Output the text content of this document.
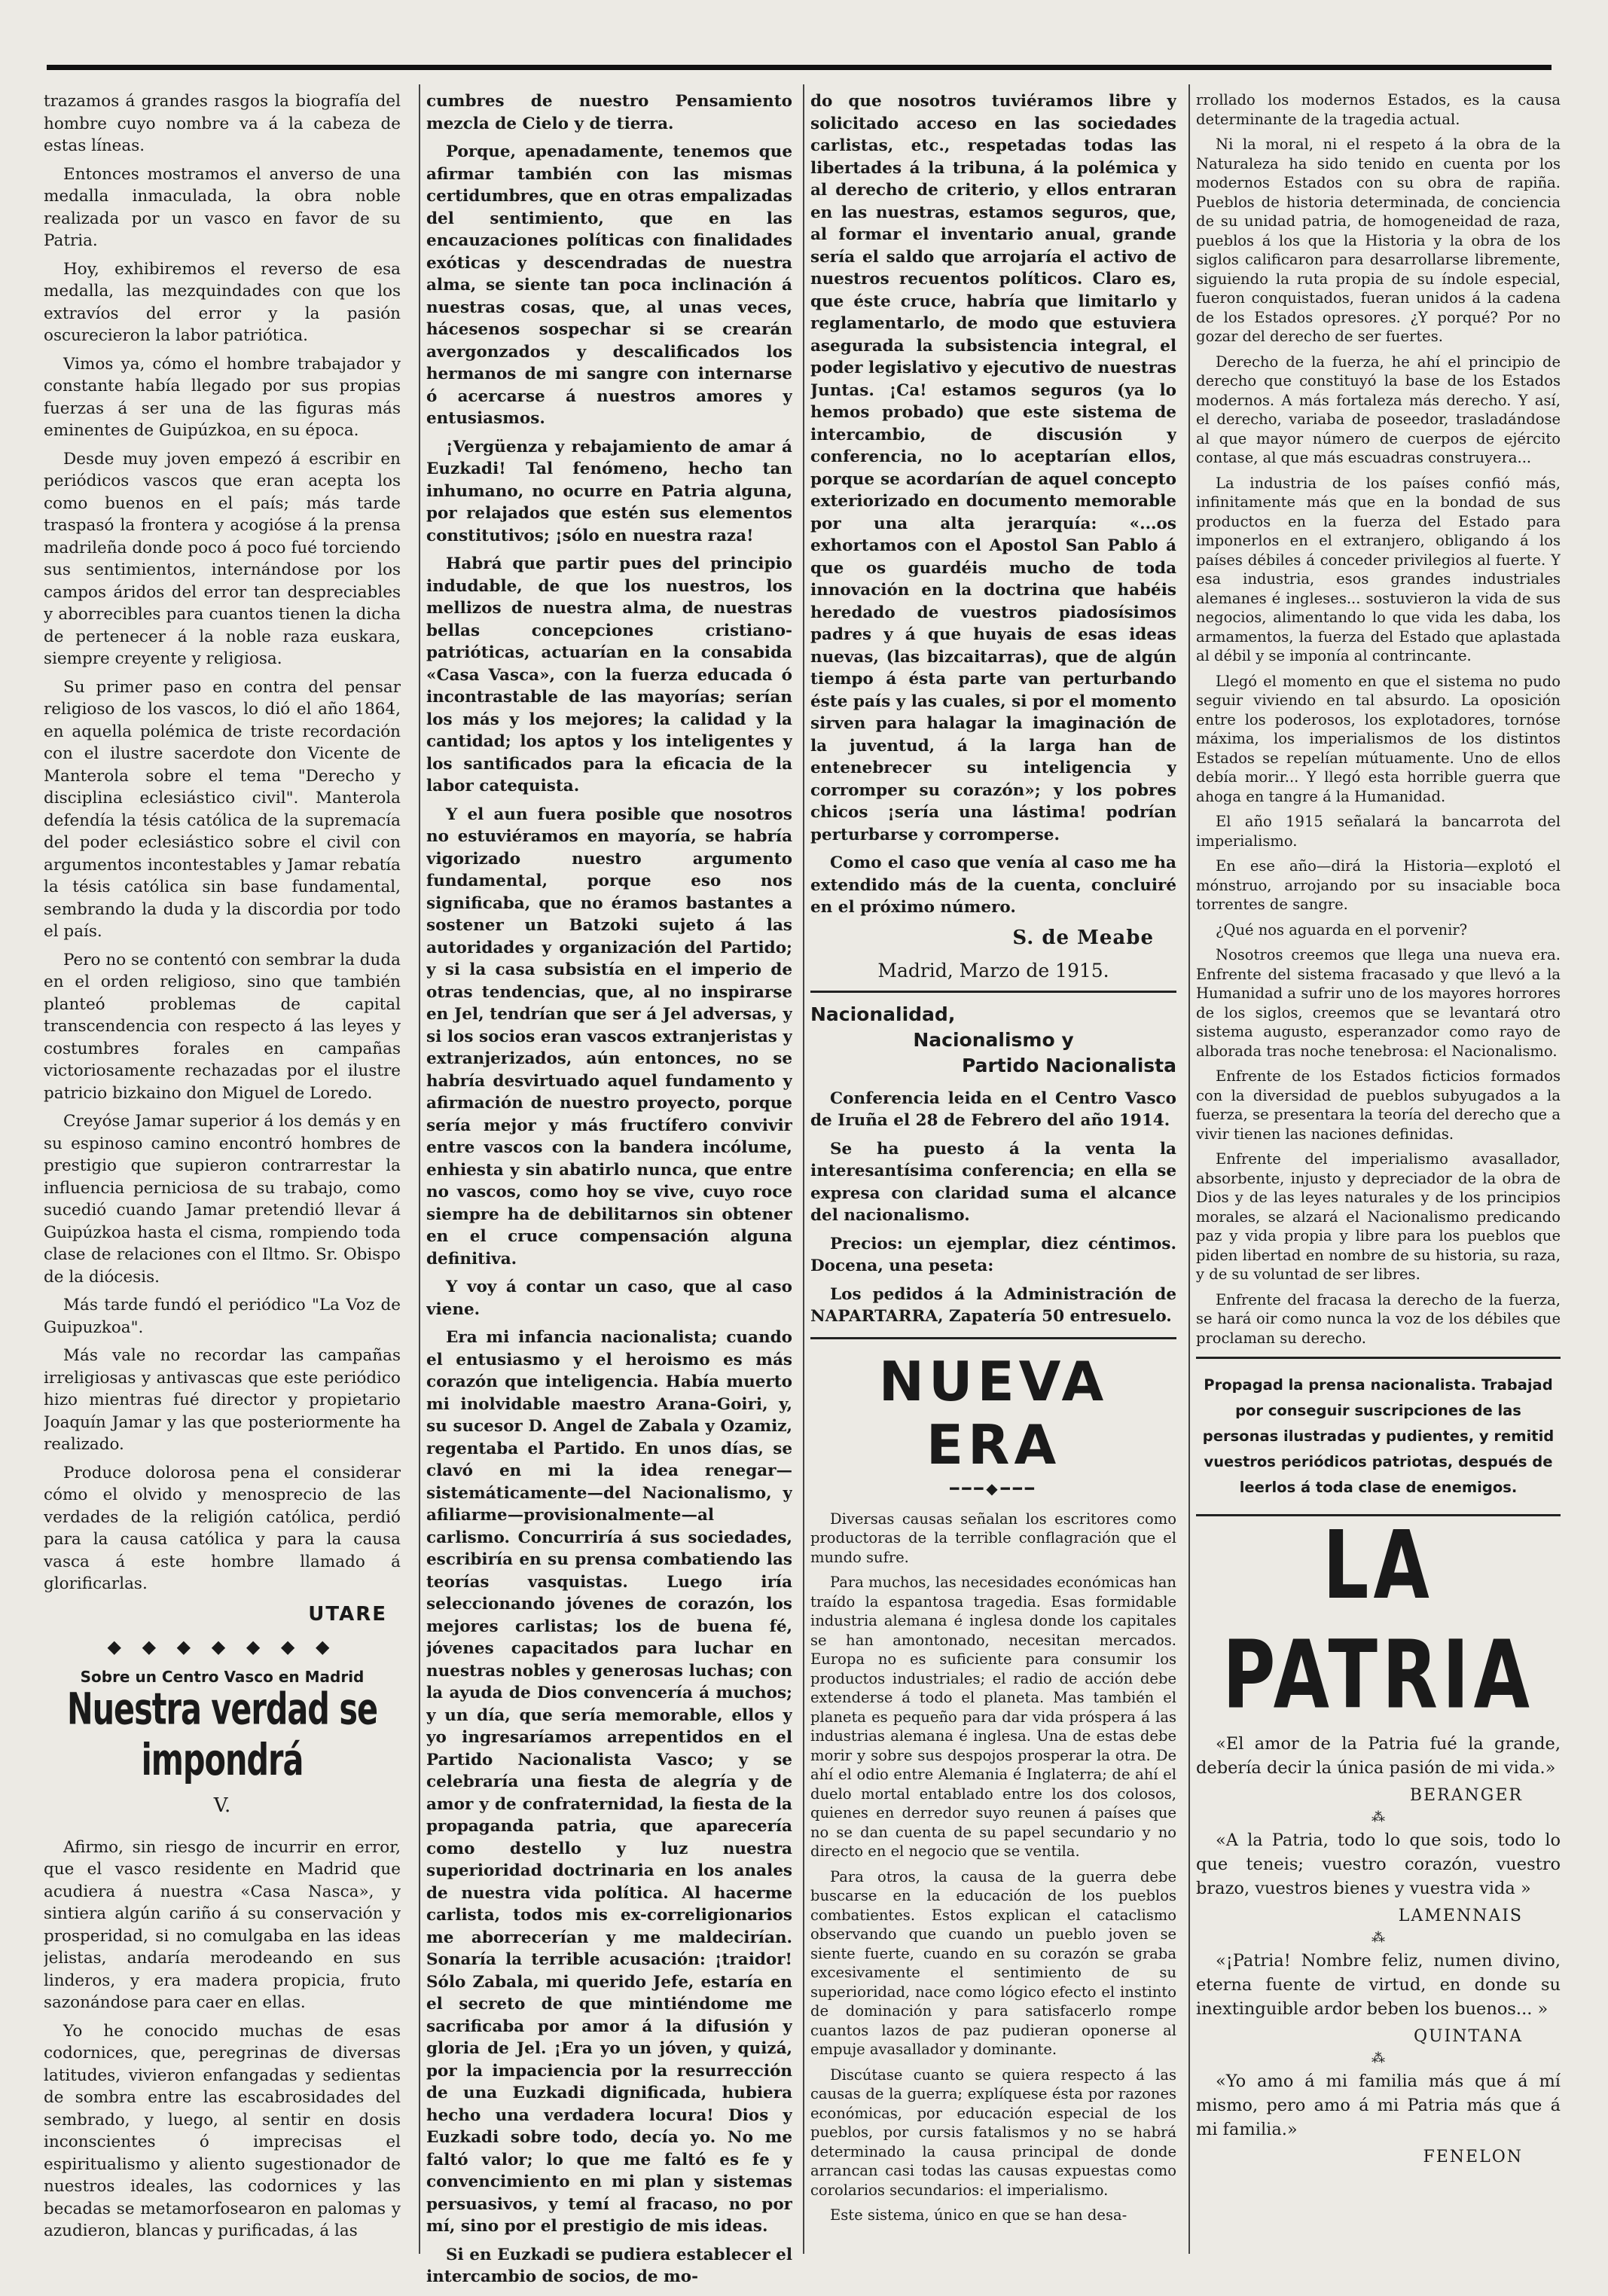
trazamos á grandes rasgos la biografía del hombre cuyo nombre va á la cabeza de estas líneas.

Entonces mostramos el anverso de una medalla inmaculada, la obra noble realizada por un vasco en favor de su Patria.

Hoy, exhibiremos el reverso de esa medalla, las mezquindades con que los extravíos del error y la pasión oscurecieron la labor patriótica.

Vimos ya, cómo el hombre trabajador y constante había llegado por sus propias fuerzas á ser una de las figuras más eminentes de Guipúzkoa, en su época.

Desde muy joven empezó á escribir en periódicos vascos que eran acepta los como buenos en el país; más tarde traspasó la frontera y acogióse á la prensa madrileña donde poco á poco fué torciendo sus sentimientos, internándose por los campos áridos del error tan despreciables y aborrecibles para cuantos tienen la dicha de pertenecer á la noble raza euskara, siempre creyente y religiosa.

Su primer paso en contra del pensar religioso de los vascos, lo dió el año 1864, en aquella polémica de triste recordación con el ilustre sacerdote don Vicente de Manterola sobre el tema "Derecho y disciplina eclesiástico civil". Manterola defendía la tésis católica de la supremacía del poder eclesiástico sobre el civil con argumentos incontestables y Jamar rebatía la tésis católica sin base fundamental, sembrando la duda y la discordia por todo el país.

Pero no se contentó con sembrar la duda en el orden religioso, sino que también planteó problemas de capital transcendencia con respecto á las leyes y costumbres forales en campañas victoriosamente rechazadas por el ilustre patricio bizkaino don Miguel de Loredo.

Creyóse Jamar superior á los demás y en su espinoso camino encontró hombres de prestigio que supieron contrarrestar la influencia perniciosa de su trabajo, como sucedió cuando Jamar pretendió llevar á Guipúzkoa hasta el cisma, rompiendo toda clase de relaciones con el Iltmo. Sr. Obispo de la diócesis.

Más tarde fundó el periódico "La Voz de Guipuzkoa".

Más vale no recordar las campañas irreligiosas y antivascas que este periódico hizo mientras fué director y propietario Joaquín Jamar y las que posteriormente ha realizado.

Produce dolorosa pena el considerar cómo el olvido y menosprecio de las verdades de la religión católica, perdió para la causa católica y para la causa vasca á este hombre llamado á glorificarlas.

UTARE
◆ ◆ ◆ ◆ ◆ ◆ ◆
Sobre un Centro Vasco en Madrid
Nuestra verdad se impondrá
V.

Afirmo, sin riesgo de incurrir en error, que el vasco residente en Madrid que acudiera á nuestra «Casa Nasca», y sintiera algún cariño á su conservación y prosperidad, si no comulgaba en las ideas jelistas, andaría merodeando en sus linderos, y era madera propicia, fruto sazonándose para caer en ellas.

Yo he conocido muchas de esas codornices, que, peregrinas de diversas latitudes, vivieron enfangadas y sedientas de sombra entre las escabrosidades del sembrado, y luego, al sentir en dosis inconscientes ó imprecisas el espiritualismo y aliento sugestionador de nuestros ideales, las codornices y las becadas se metamorfosearon en palomas y azudieron, blancas y purificadas, á las

cumbres de nuestro Pensamiento mezcla de Cielo y de tierra.

Porque, apenadamente, tenemos que afirmar también con las mismas certidumbres, que en otras empalizadas del sentimiento, que en las encauzaciones políticas con finalidades exóticas y descendradas de nuestra alma, se siente tan poca inclinación á nuestras cosas, que, al unas veces, hácesenos sospechar si se crearán avergonzados y descalificados los hermanos de mi sangre con internarse ó acercarse á nuestros amores y entusiasmos.

¡Vergüenza y rebajamiento de amar á Euzkadi! Tal fenómeno, hecho tan inhumano, no ocurre en Patria alguna, por relajados que estén sus elementos constitutivos; ¡sólo en nuestra raza!

Habrá que partir pues del principio indudable, de que los nuestros, los mellizos de nuestra alma, de nuestras bellas concepciones cristiano-patrióticas, actuarían en la consabida «Casa Vasca», con la fuerza educada ó incontrastable de las mayorías; serían los más y los mejores; la calidad y la cantidad; los aptos y los inteligentes y los santificados para la eficacia de la labor catequista.

Y el aun fuera posible que nosotros no estuviéramos en mayoría, se habría vigorizado nuestro argumento fundamental, porque eso nos significaba, que no éramos bastantes a sostener un Batzoki sujeto á las autoridades y organización del Partido; y si la casa subsistía en el imperio de otras tendencias, que, al no inspirarse en Jel, tendrían que ser á Jel adversas, y si los socios eran vascos extranjeristas y extranjerizados, aún entonces, no se habría desvirtuado aquel fundamento y afirmación de nuestro proyecto, porque sería mejor y más fructífero convivir entre vascos con la bandera incólume, enhiesta y sin abatirlo nunca, que entre no vascos, como hoy se vive, cuyo roce siempre ha de debilitarnos sin obtener en el cruce compensación alguna definitiva.

Y voy á contar un caso, que al caso viene.

Era mi infancia nacionalista; cuando el entusiasmo y el heroismo es más corazón que inteligencia. Había muerto mi inolvidable maestro Arana-Goiri, y, su sucesor D. Angel de Zabala y Ozamiz, regentaba el Partido. En unos días, se clavó en mi la idea renegar—sistemáticamente—del Nacionalismo, y afiliarme—provisionalmente—al carlismo. Concurriría á sus sociedades, escribiría en su prensa combatiendo las teorías vasquistas. Luego iría seleccionando jóvenes de corazón, los mejores carlistas; los de buena fé, jóvenes capacitados para luchar en nuestras nobles y generosas luchas; con la ayuda de Dios convencería á muchos; y un día, que sería memorable, ellos y yo ingresaríamos arrepentidos en el Partido Nacionalista Vasco; y se celebraría una fiesta de alegría y de amor y de confraternidad, la fiesta de la propaganda patria, que aparecería como destello y luz nuestra superioridad doctrinaria en los anales de nuestra vida política. Al hacerme carlista, todos mis ex-correligionarios me aborrecerían y me maldecirían. Sonaría la terrible acusación: ¡traidor! Sólo Zabala, mi querido Jefe, estaría en el secreto de que mintiéndome me sacrificaba por amor á la difusión y gloria de Jel. ¡Era yo un jóven, y quizá, por la impaciencia por la resurrección de una Euzkadi dignificada, hubiera hecho una verdadera locura! Dios y Euzkadi sobre todo, decía yo. No me faltó valor; lo que me faltó es fe y convencimiento en mi plan y sistemas persuasivos, y temí al fracaso, no por mí, sino por el prestigio de mis ideas.

Si en Euzkadi se pudiera establecer el intercambio de socios, de mo-

do que nosotros tuviéramos libre y solicitado acceso en las sociedades carlistas, etc., respetadas todas las libertades á la tribuna, á la polémica y al derecho de criterio, y ellos entraran en las nuestras, estamos seguros, que, al formar el inventario anual, grande sería el saldo que arrojaría el activo de nuestros recuentos políticos. Claro es, que éste cruce, habría que limitarlo y reglamentarlo, de modo que estuviera asegurada la subsistencia integral, el poder legislativo y ejecutivo de nuestras Juntas. ¡Ca! estamos seguros (ya lo hemos probado) que este sistema de intercambio, de discusión y conferencia, no lo aceptarían ellos, porque se acordarían de aquel concepto exteriorizado en documento memorable por una alta jerarquía: «...os exhortamos con el Apostol San Pablo á que os guardéis mucho de toda innovación en la doctrina que habéis heredado de vuestros piadosísimos padres y á que huyais de esas ideas nuevas, (las bizcaitarras), que de algún tiempo á ésta parte van perturbando éste país y las cuales, si por el momento sirven para halagar la imaginación de la juventud, á la larga han de entenebrecer su inteligencia y corromper su corazón»; y los pobres chicos ¡sería una lástima! podrían perturbarse y corromperse.

Como el caso que venía al caso me ha extendido más de la cuenta, concluiré en el próximo número.

S. de Meabe
Madrid, Marzo de 1915.
Nacionalidad,
Nacionalismo y
Partido Nacionalista

Conferencia leida en el Centro Vasco de Iruña el 28 de Febrero del año 1914.

Se ha puesto á la venta la interesantísima conferencia; en ella se expresa con claridad suma el alcance del nacionalismo.

Precios: un ejemplar, diez céntimos. Docena, una peseta:

Los pedidos á la Administración de NAPARTARRA, Zapatería 50 entresuelo.

NUEVA ERA
━━━◆━━━

Diversas causas señalan los escritores como productoras de la terrible conflagración que el mundo sufre.

Para muchos, las necesidades económicas han traído la espantosa tragedia. Esas formidable industria alemana é inglesa donde los capitales se han amontonado, necesitan mercados. Europa no es suficiente para consumir los productos industriales; el radio de acción debe extenderse á todo el planeta. Mas también el planeta es pequeño para dar vida próspera á las industrias alemana é inglesa. Una de estas debe morir y sobre sus despojos prosperar la otra. De ahí el odio entre Alemania é Inglaterra; de ahí el duelo mortal entablado entre los dos colosos, quienes en derredor suyo reunen á países que no se dan cuenta de su papel secundario y no directo en el negocio que se ventila.

Para otros, la causa de la guerra debe buscarse en la educación de los pueblos combatientes. Estos explican el cataclismo observando que cuando un pueblo joven se siente fuerte, cuando en su corazón se graba excesivamente el sentimiento de su superioridad, nace como lógico efecto el instinto de dominación y para satisfacerlo rompe cuantos lazos de paz pudieran oponerse al empuje avasallador y dominante.

Discútase cuanto se quiera respecto á las causas de la guerra; explíquese ésta por razones económicas, por educación especial de los pueblos, por cursis fatalismos y no se habrá determinado la causa principal de donde arrancan casi todas las causas expuestas como corolarios secundarios: el imperialismo.

Este sistema, único en que se han desa-

rrollado los modernos Estados, es la causa determinante de la tragedia actual.

Ni la moral, ni el respeto á la obra de la Naturaleza ha sido tenido en cuenta por los modernos Estados con su obra de rapiña. Pueblos de historia determinada, de conciencia de su unidad patria, de homogeneidad de raza, pueblos á los que la Historia y la obra de los siglos calificaron para desarrollarse libremente, siguiendo la ruta propia de su índole especial, fueron conquistados, fueran unidos á la cadena de los Estados opresores. ¿Y porqué? Por no gozar del derecho de ser fuertes.

Derecho de la fuerza, he ahí el principio de derecho que constituyó la base de los Estados modernos. A más fortaleza más derecho. Y así, el derecho, variaba de poseedor, trasladándose al que mayor número de cuerpos de ejército contase, al que más escuadras construyera...

La industria de los países confió más, infinitamente más que en la bondad de sus productos en la fuerza del Estado para imponerlos en el extranjero, obligando á los países débiles á conceder privilegios al fuerte. Y esa industria, esos grandes industriales alemanes é ingleses... sostuvieron la vida de sus negocios, alimentando lo que vida les daba, los armamentos, la fuerza del Estado que aplastada al débil y se imponía al contrincante.

Llegó el momento en que el sistema no pudo seguir viviendo en tal absurdo. La oposición entre los poderosos, los explotadores, tornóse máxima, los imperialismos de los distintos Estados se repelían mútuamente. Uno de ellos debía morir... Y llegó esta horrible guerra que ahoga en tangre á la Humanidad.

El año 1915 señalará la bancarrota del imperialismo.

En ese año—dirá la Historia—explotó el mónstruo, arrojando por su insaciable boca torrentes de sangre.

¿Qué nos aguarda en el porvenir?

Nosotros creemos que llega una nueva era. Enfrente del sistema fracasado y que llevó a la Humanidad a sufrir uno de los mayores horrores de los siglos, creemos que se levantará otro sistema augusto, esperanzador como rayo de alborada tras noche tenebrosa: el Nacionalismo.

Enfrente de los Estados ficticios formados con la diversidad de pueblos subyugados a la fuerza, se presentara la teoría del derecho que a vivir tienen las naciones definidas.

Enfrente del imperialismo avasallador, absorbente, injusto y depreciador de la obra de Dios y de las leyes naturales y de los principios morales, se alzará el Nacionalismo predicando paz y vida propia y libre para los pueblos que piden libertad en nombre de su historia, su raza, y de su voluntad de ser libres.

Enfrente del fracasa la derecho de la fuerza, se hará oir como nunca la voz de los débiles que proclaman su derecho.

Propagad la prensa nacionalista. Trabajad por conseguir suscripciones de las personas ilustradas y pudientes, y remitid vuestros periódicos patriotas, después de leerlos á toda clase de enemigos.
LA PATRIA

«El amor de la Patria fué la grande, debería decir la única pasión de mi vida.»

BERANGER
⁂

«A la Patria, todo lo que sois, todo lo que teneis; vuestro corazón, vuestro brazo, vuestros bienes y vuestra vida »

LAMENNAIS
⁂

«¡Patria! Nombre feliz, numen divino, eterna fuente de virtud, en donde su inextinguible ardor beben los buenos... »

QUINTANA
⁂

«Yo amo á mi familia más que á mí mismo, pero amo á mi Patria más que á mi familia.»

FENELON
